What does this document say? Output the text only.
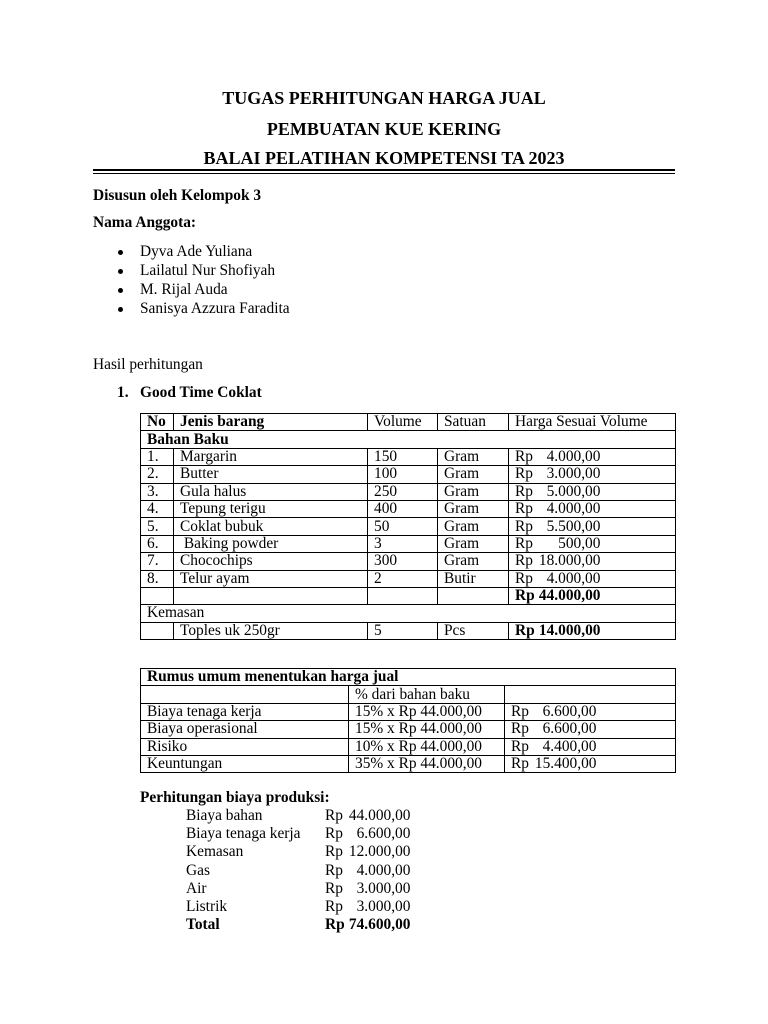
TUGAS PERHITUNGAN HARGA JUAL
PEMBUATAN KUE KERING
BALAI PELATIHAN KOMPETENSI TA 2023
Disusun oleh Kelompok 3
Nama Anggota:
Dyva Ade Yuliana
Lailatul Nur Shofiyah
M. Rijal Auda
Sanisya Azzura Faradita
Hasil perhitungan
1. Good Time Coklat
No	Jenis barang	Volume	Satuan	Harga Sesuai Volume
Bahan Baku				
1.	Margarin	150	Gram	Rp 4.000,00
2.	Butter	100	Gram	Rp 3.000,00
3.	Gula halus	250	Gram	Rp 5.000,00
4.	Tepung terigu	400	Gram	Rp 4.000,00
5.	Coklat bubuk	50	Gram	Rp 5.500,00
6.	Baking powder	3	Gram	Rp 500,00
7.	Chocochips	300	Gram	Rp 18.000,00
8.	Telur ayam	2	Butir	Rp 4.000,00
				Rp 44.000,00
Kemasan				
	Toples uk 250gr	5	Pcs	Rp 14.000,00
Rumus umum menentukan harga jual		
	% dari bahan baku	
Biaya tenaga kerja	15% x Rp 44.000,00	Rp 6.600,00
Biaya operasional	15% x Rp 44.000,00	Rp 6.600,00
Risiko	10% x Rp 44.000,00	Rp 4.400,00
Keuntungan	35% x Rp 44.000,00	Rp 15.400,00
Perhitungan biaya produksi:
Biaya bahan	Rp 44.000,00
Biaya tenaga kerja Rp 6.600,00
Kemasan	Rp 12.000,00
Gas	Rp 4.000,00
Air	Rp 3.000,00
Listrik	Rp 3.000,00
Total	Rp 74.600,00
